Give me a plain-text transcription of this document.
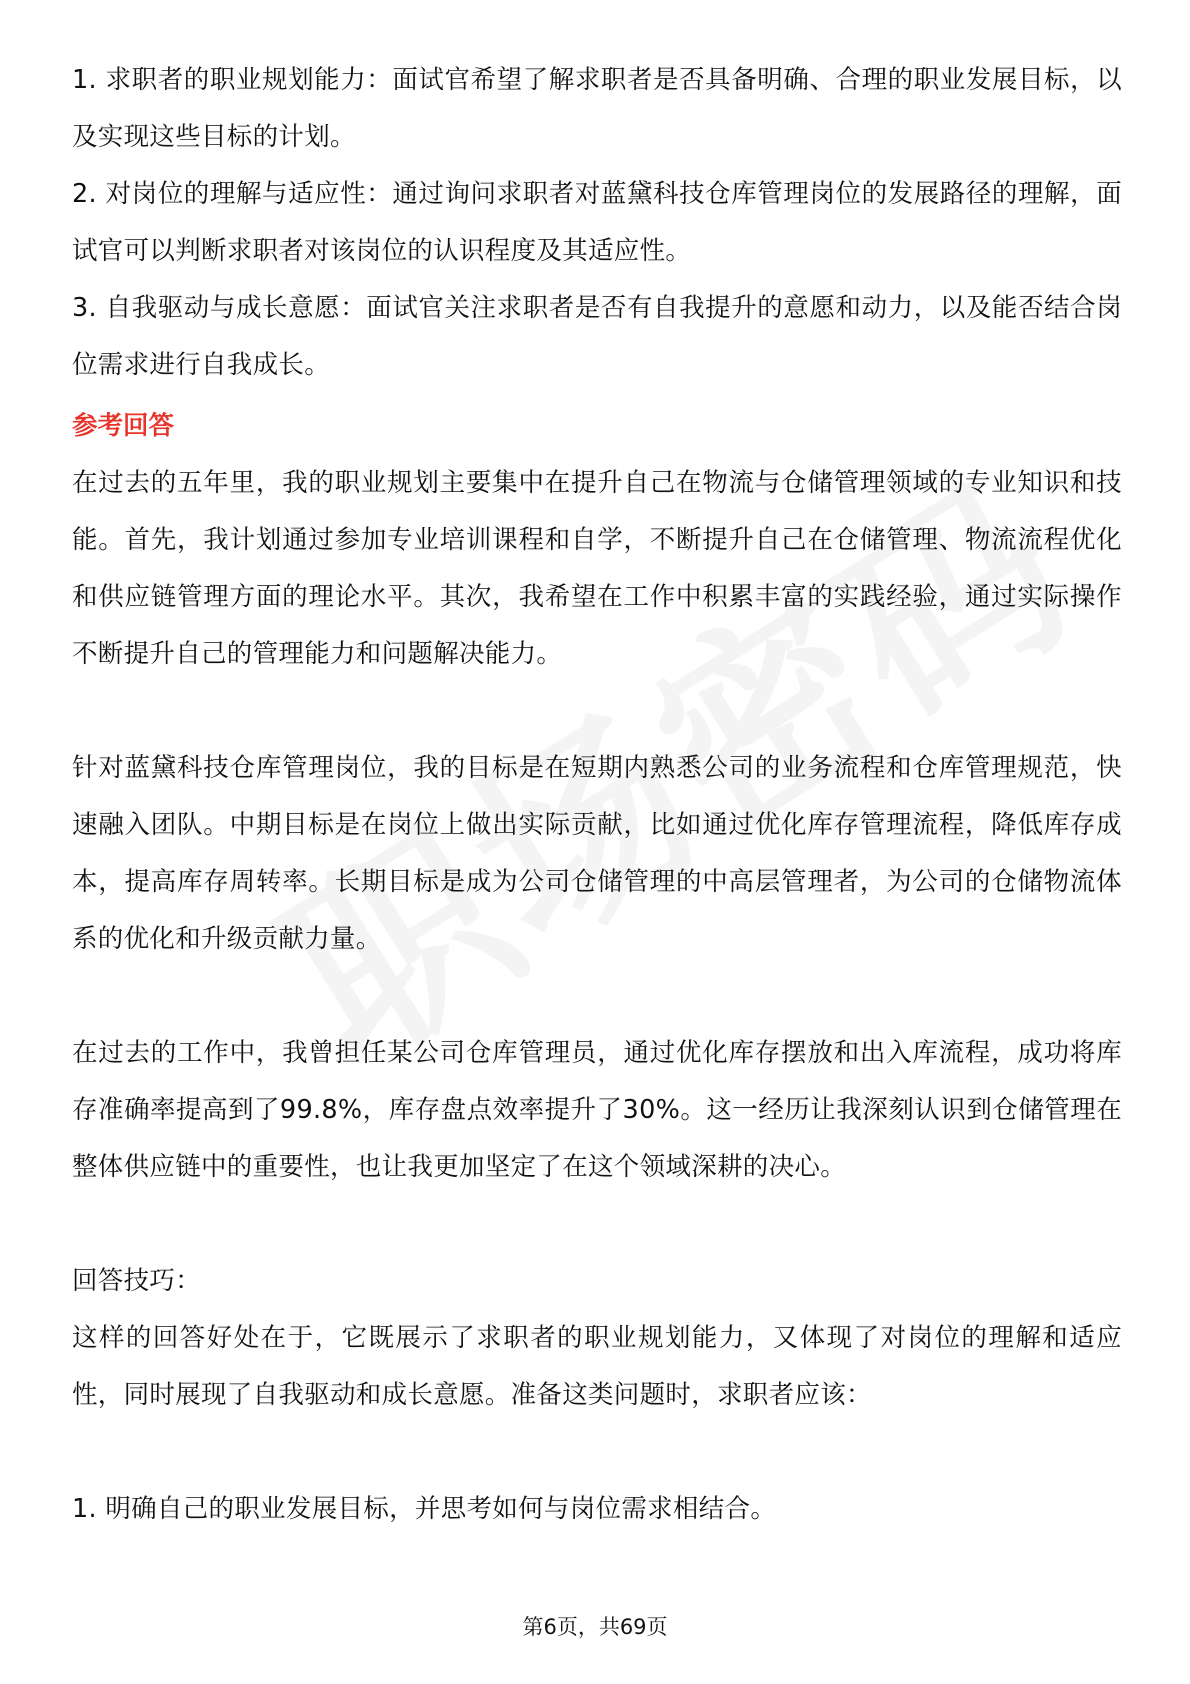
1. 求职者的职业规划能力：面试官希望了解求职者是否具备明确、合理的职业发展目标，以及实现这些目标的计划。

2. 对岗位的理解与适应性：通过询问求职者对蓝黛科技仓库管理岗位的发展路径的理解，面试官可以判断求职者对该岗位的认识程度及其适应性。

3. 自我驱动与成长意愿：面试官关注求职者是否有自我提升的意愿和动力，以及能否结合岗位需求进行自我成长。

参考回答

在过去的五年里，我的职业规划主要集中在提升自己在物流与仓储管理领域的专业知识和技能。首先，我计划通过参加专业培训课程和自学，不断提升自己在仓储管理、物流流程优化和供应链管理方面的理论水平。其次，我希望在工作中积累丰富的实践经验，通过实际操作不断提升自己的管理能力和问题解决能力。

针对蓝黛科技仓库管理岗位，我的目标是在短期内熟悉公司的业务流程和仓库管理规范，快速融入团队。中期目标是在岗位上做出实际贡献，比如通过优化库存管理流程，降低库存成本，提高库存周转率。长期目标是成为公司仓储管理的中高层管理者，为公司的仓储物流体系的优化和升级贡献力量。

在过去的工作中，我曾担任某公司仓库管理员，通过优化库存摆放和出入库流程，成功将库存准确率提高到了99.8%，库存盘点效率提升了30%。这一经历让我深刻认识到仓储管理在整体供应链中的重要性，也让我更加坚定了在这个领域深耕的决心。

回答技巧：

这样的回答好处在于，它既展示了求职者的职业规划能力，又体现了对岗位的理解和适应性，同时展现了自我驱动和成长意愿。准备这类问题时，求职者应该：

1. 明确自己的职业发展目标，并思考如何与岗位需求相结合。

第6页，共69页
